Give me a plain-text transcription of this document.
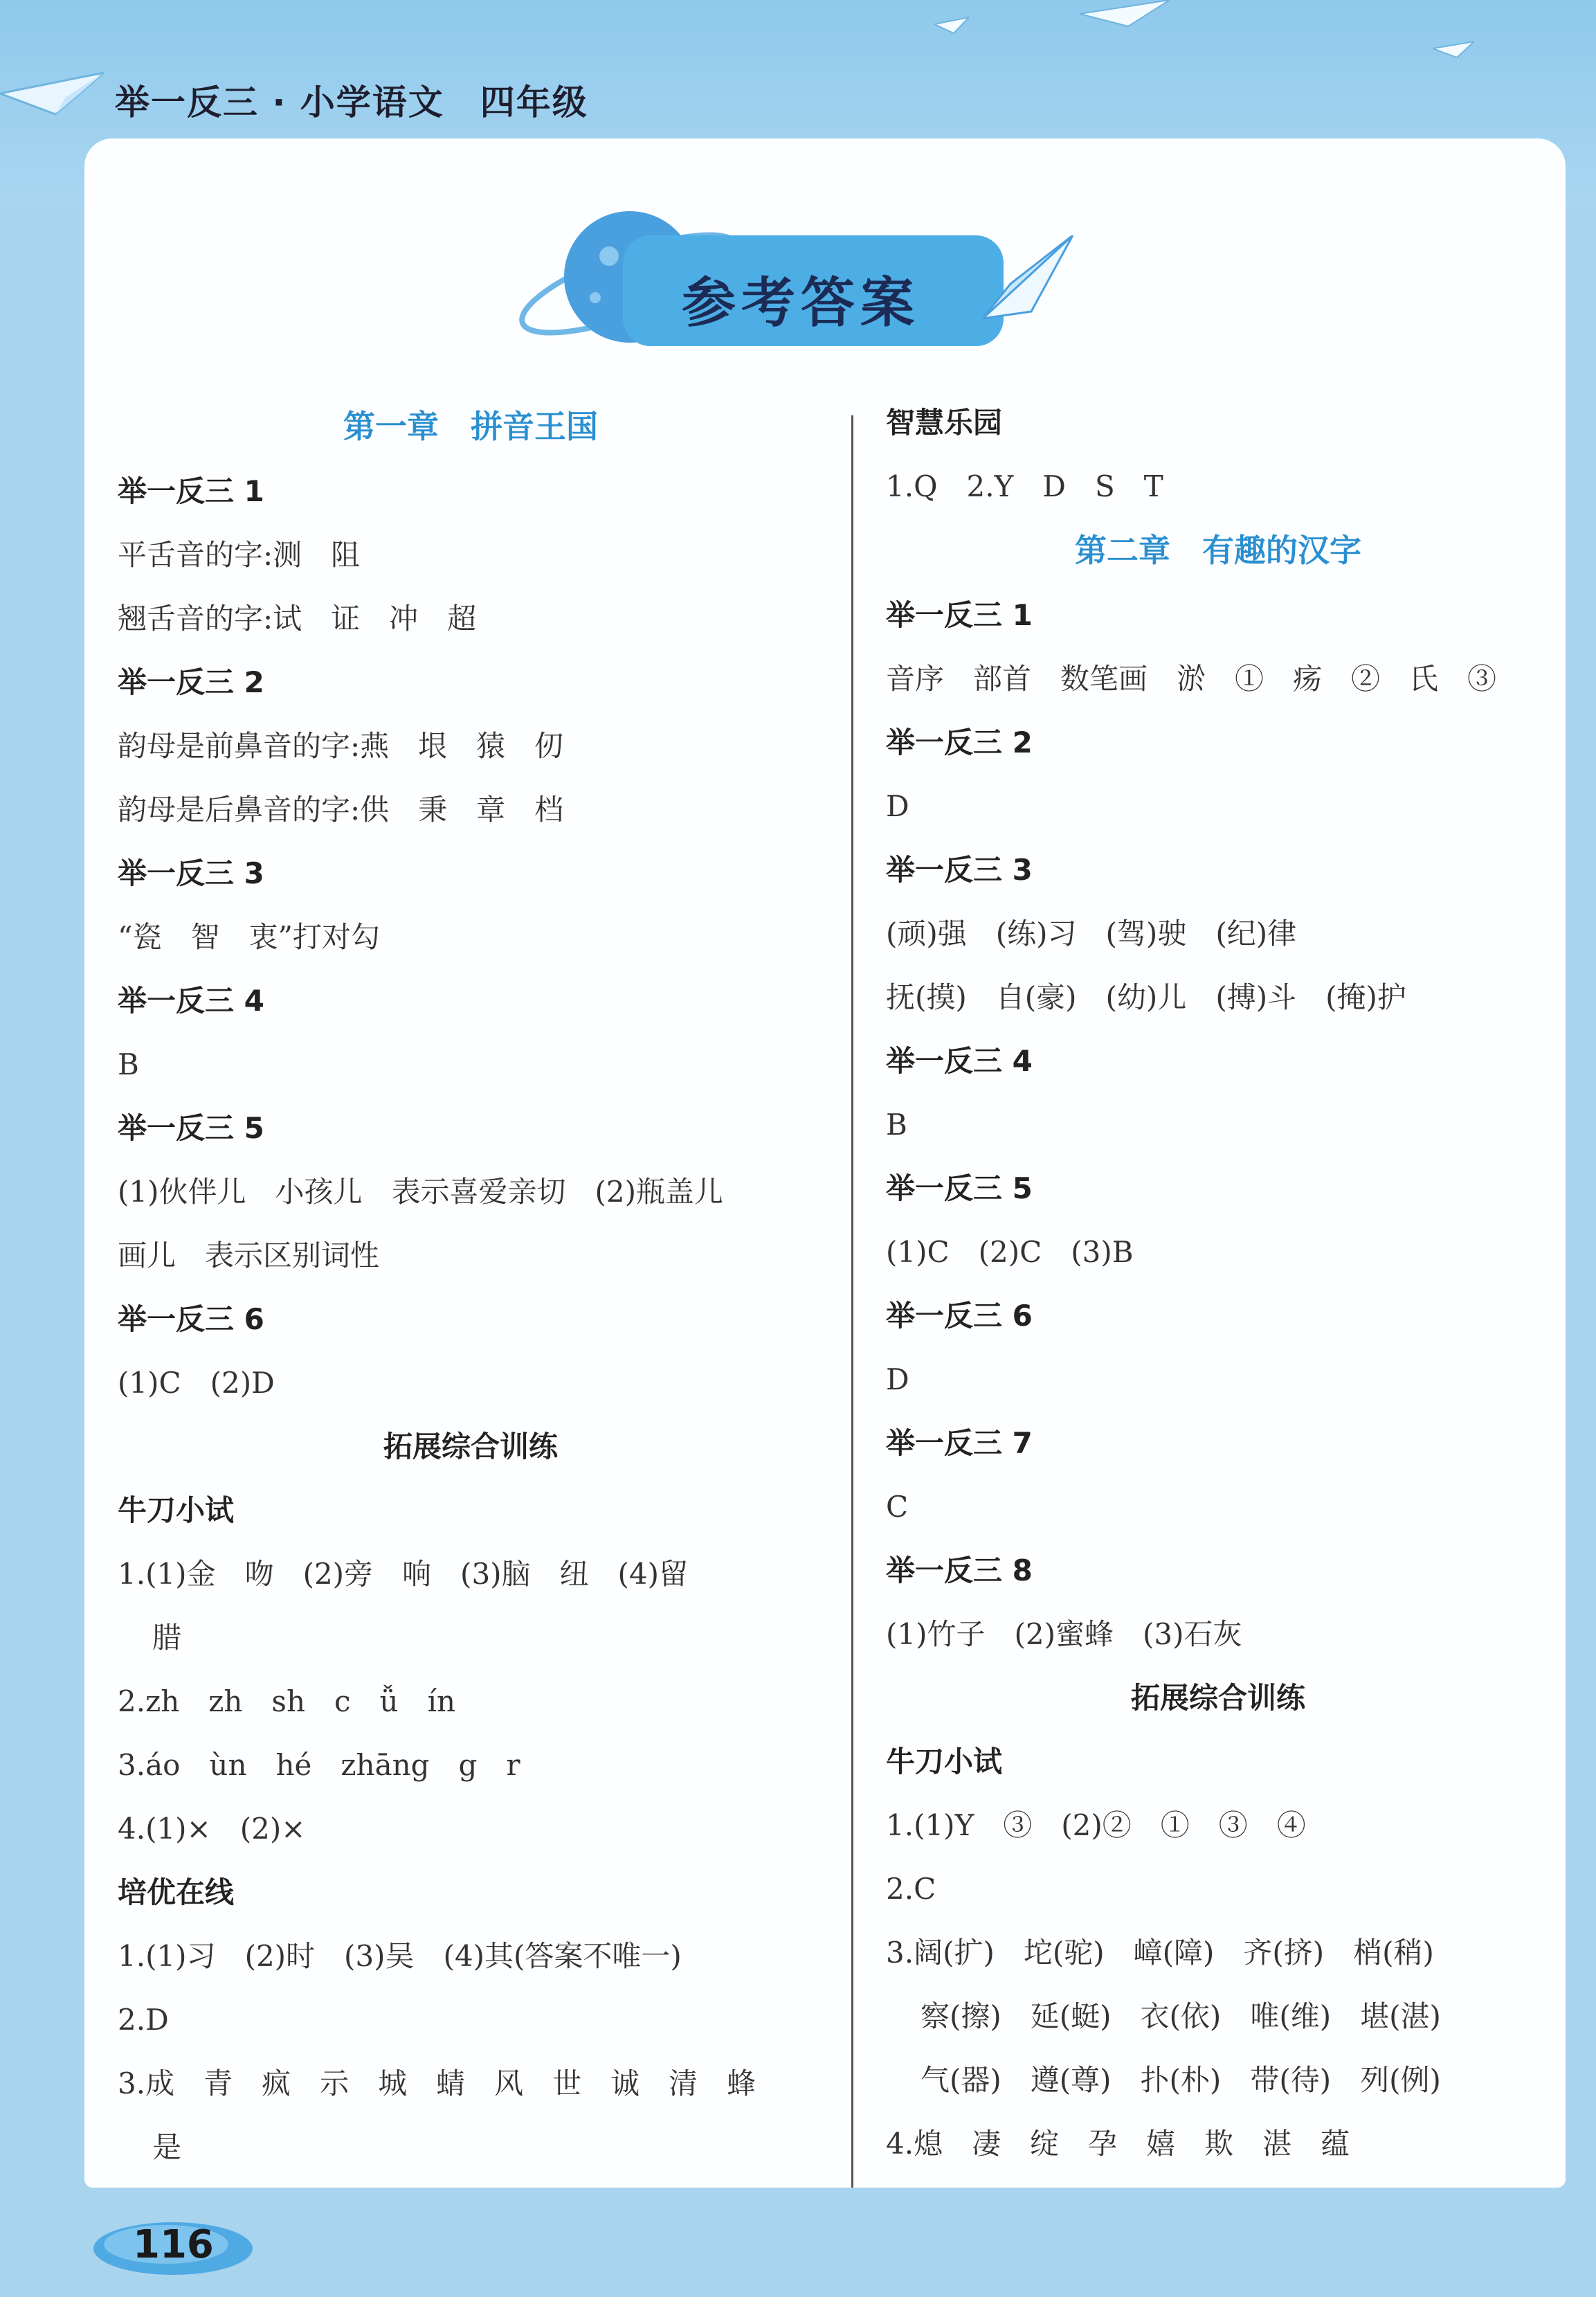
举一反三 · 小学语文　四年级
参考答案
第一章　拼音王国
举一反三 1
平舌音的字:测　阻
翘舌音的字:试　证　冲　超
举一反三 2
韵母是前鼻音的字:燕　垠　猿　仞
韵母是后鼻音的字:供　秉　章　档
举一反三 3
“瓷　智　衷”打对勾
举一反三 4
B
举一反三 5
(1)伙伴儿　小孩儿　表示喜爱亲切　(2)瓶盖儿
画儿　表示区别词性
举一反三 6
(1)C　(2)D
拓展综合训练
牛刀小试
1.(1)金　吻　(2)旁　响　(3)脑　纽　(4)留
腊
2.zh　zh　sh　c　ǚ　ín
3.áo　ùn　hé　zhāng　g　r
4.(1)×　(2)×
培优在线
1.(1)习　(2)时　(3)吴　(4)其(答案不唯一)
2.D
3.成　青　疯　示　城　蜻　风　世　诚　清　蜂
是
智慧乐园
1.Q　2.Y　D　S　T
第二章　有趣的汉字
举一反三 1
音序　部首　数笔画　淤　①　疡　②　氏　③
举一反三 2
D
举一反三 3
(顽)强　(练)习　(驾)驶　(纪)律
抚(摸)　自(豪)　(幼)儿　(搏)斗　(掩)护
举一反三 4
B
举一反三 5
(1)C　(2)C　(3)B
举一反三 6
D
举一反三 7
C
举一反三 8
(1)竹子　(2)蜜蜂　(3)石灰
拓展综合训练
牛刀小试
1.(1)Y　③　(2)②　①　③　④
2.C
3.阔(扩)　坨(驼)　嶂(障)　齐(挤)　梢(稍)
察(擦)　延(蜓)　衣(依)　唯(维)　堪(湛)
气(器)　遵(尊)　扑(朴)　带(待)　列(例)
4.熄　凄　绽　孕　嬉　欺　湛　蕴
116
